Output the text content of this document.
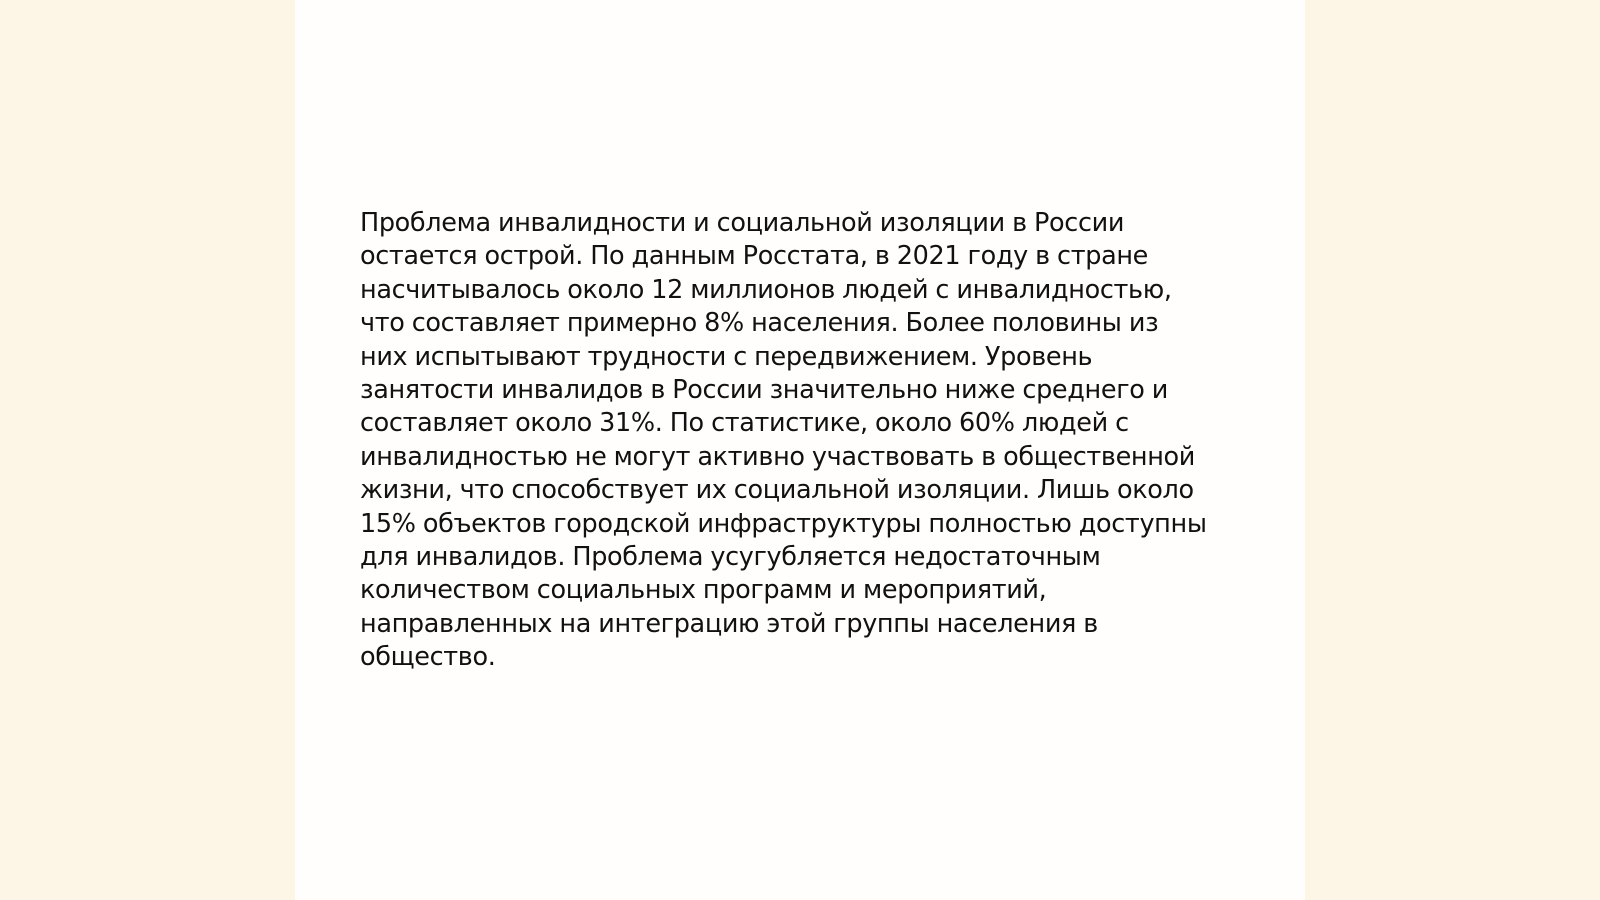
Проблема инвалидности и социальной изоляции в России
остается острой. По данным Росстата, в 2021 году в стране
насчитывалось около 12 миллионов людей с инвалидностью,
что составляет примерно 8% населения. Более половины из
них испытывают трудности с передвижением. Уровень
занятости инвалидов в России значительно ниже среднего и
составляет около 31%. По статистике, около 60% людей с
инвалидностью не могут активно участвовать в общественной
жизни, что способствует их социальной изоляции. Лишь около
15% объектов городской инфраструктуры полностью доступны
для инвалидов. Проблема усугубляется недостаточным
количеством социальных программ и мероприятий,
направленных на интеграцию этой группы населения в
общество.
